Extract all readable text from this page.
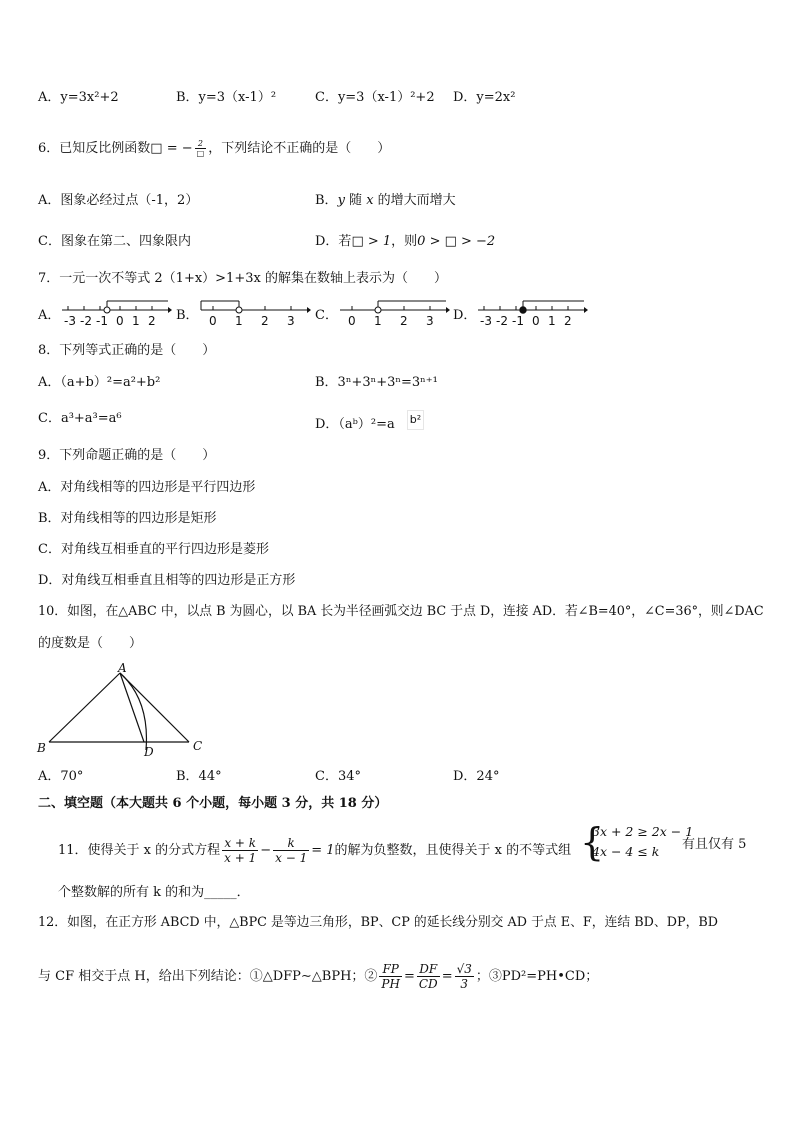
A．y=3x²+2	B．y=3（x-1）²	C．y=3（x-1）²+2 D．y=2x²
6．已知反比例函数□ = − $\frac{2}{□}$ ，下列结论不正确的是（　　）
A．图象必经过点（-1，2）	B．y 随 x 的增大而增大
C．图象在第二、四象限内	D．若□ > 1，则0 > □ > −2
7．一元一次不等式 2（1+x）>1+3x 的解集在数轴上表示为（　　）
A． -3 -2 -1 0 1 2 B． 0 1 2 3 C． 0 1 2 3 D． -3 -2 -1 0 1 2
8．下列等式正确的是（　　）
A．（a+b）²=a²+b²	B．3ⁿ+3ⁿ+3ⁿ=3ⁿ⁺¹
C．a³+a³=a⁶	D．（aᵇ）²=a b²
9．下列命题正确的是（　　）
A．对角线相等的四边形是平行四边形
B．对角线相等的四边形是矩形
C．对角线互相垂直的平行四边形是菱形
D．对角线互相垂直且相等的四边形是正方形
10．如图，在△ABC 中，以点 B 为圆心，以 BA 长为半径画弧交边 BC 于点 D，连接 AD．若∠B=40°，∠C=36°，则∠DAC
的度数是（　　）
A
B	C
D
A．70°	B．44°	C．34°	D．24°
二、填空题（本大题共 6 个小题，每小题 3 分，共 18 分）
11．使得关于 x 的分式方程 $\frac{x + k}{x + 1} - \frac{k}{x - 1} = 1$的解为负整数，且使得关于 x 的不等式组 {
3x + 2 ≥ 2x − 1
4x − 4 ≤ k	有且仅有 5
个整数解的所有 k 的和为_____．
12．如图，在正方形 ABCD 中，△BPC 是等边三角形，BP、CP 的延长线分别交 AD 于点 E、F，连结 BD、DP，BD
与 CF 相交于点 H，给出下列结论：①△DFP∼△BPH；② $\frac{FP}{PH} = \frac{DF}{CD} = \frac{√3}{3}$ ；③PD²=PH•CD；
